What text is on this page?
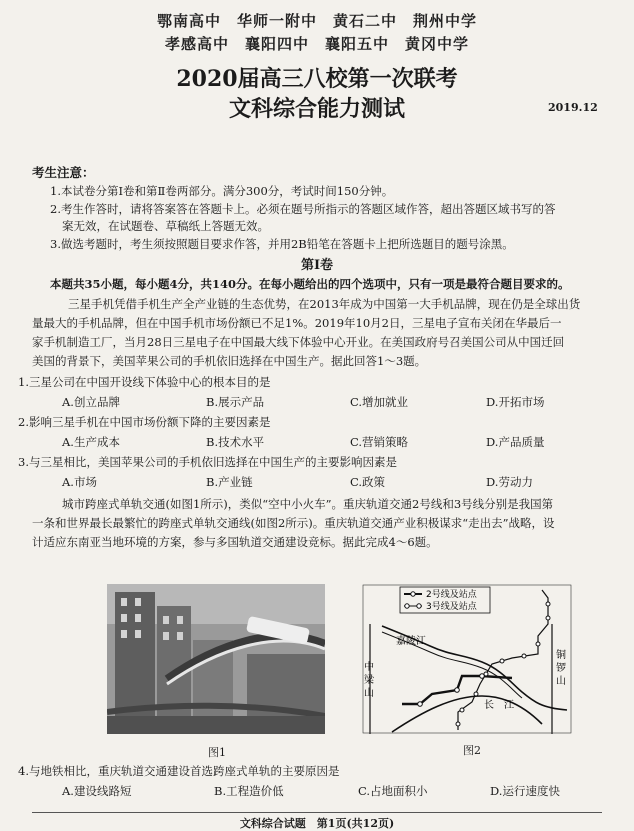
鄂南高中　华师一附中　黄石二中　荆州中学
孝感高中　襄阳四中　襄阳五中　黄冈中学
2020届高三八校第一次联考
文科综合能力测试	2019.12
考生注意：
1.本试卷分第Ⅰ卷和第Ⅱ卷两部分。满分300分，考试时间150分钟。
2.考生作答时，请将答案答在答题卡上。必须在题号所指示的答题区域作答，超出答题区域书写的答
案无效，在试题卷、草稿纸上答题无效。
3.做选考题时，考生须按照题目要求作答，并用2B铅笔在答题卡上把所选题目的题号涂黑。
第Ⅰ卷
本题共35小题，每小题4分，共140分。在每小题给出的四个选项中，只有一项是最符合题目要求的。
三星手机凭借手机生产全产业链的生态优势，在2013年成为中国第一大手机品牌，现在仍是全球出货
量最大的手机品牌，但在中国手机市场份额已不足1%。2019年10月2日，三星电子宣布关闭在华最后一
家手机制造工厂，当月28日三星电子在中国最大线下体验中心开业。在美国政府号召美国公司从中国迁回
美国的背景下，美国苹果公司的手机依旧选择在中国生产。据此回答1～3题。
1.三星公司在中国开设线下体验中心的根本目的是
A.创立品牌	B.展示产品	C.增加就业	D.开拓市场
2.影响三星手机在中国市场份额下降的主要因素是
A.生产成本	B.技术水平	C.营销策略	D.产品质量
3.与三星相比，美国苹果公司的手机依旧选择在中国生产的主要影响因素是
A.市场	B.产业链	C.政策	D.劳动力
城市跨座式单轨交通(如图1所示)，类似“空中小火车”。重庆轨道交通2号线和3号线分别是我国第
一条和世界最长最繁忙的跨座式单轨交通线(如图2所示)。重庆轨道交通产业积极谋求“走出去”战略，设
计适应东南亚当地环境的方案，参与多国轨道交通建设竞标。据此完成4～6题。
图1
2号线及站点
3号线及站点
中
梁
山
铜
锣
山
嘉陵江
长　江
图2
4.与地铁相比，重庆轨道交通建设首选跨座式单轨的主要原因是
A.建设线路短	B.工程造价低	C.占地面积小	D.运行速度快
文科综合试题　第1页(共12页)
